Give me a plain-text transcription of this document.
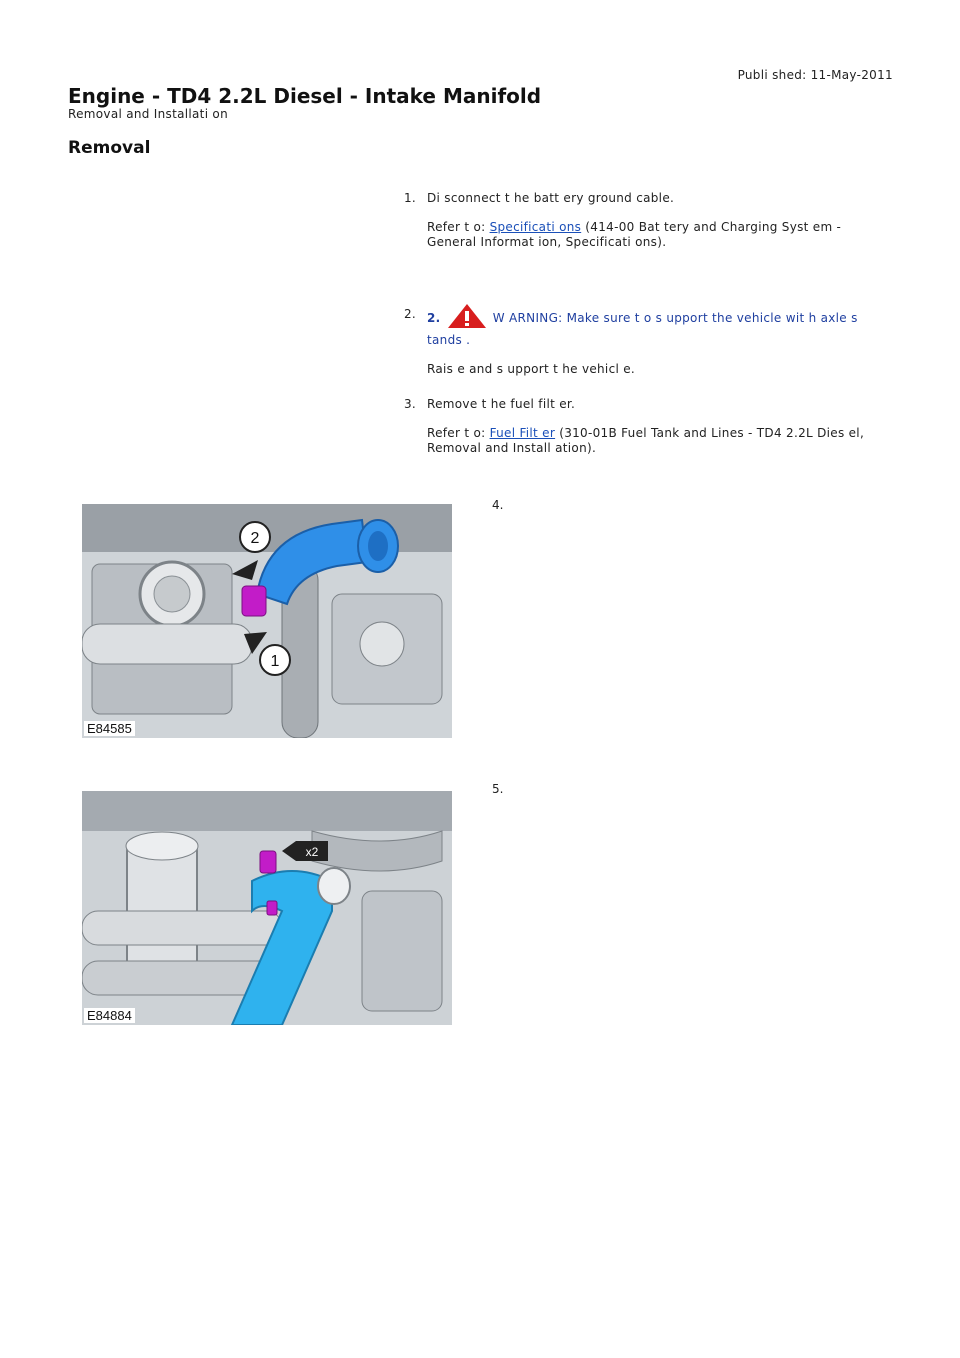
Publi shed: 11-May-2011
Engine - TD4 2.2L Diesel - Intake Manifold
Removal and Installati on
Removal
1. Di sconnect t he batt ery ground cable.

Refer t o: Specificati ons (414-00 Bat tery and Charging Syst em - General Informat ion, Specificati ons).

2. 2.	W ARNING: Make sure t o s upport the vehicle wit h axle s tands .

Rais e and s upport t he vehicl e.

3. Remove t he fuel filt er.

Refer t o: Fuel Filt er (310-01B Fuel Tank and Lines - TD4 2.2L Dies el, Removal and Install ation).

2
1
E84585
4.
x2
E84884
5.
